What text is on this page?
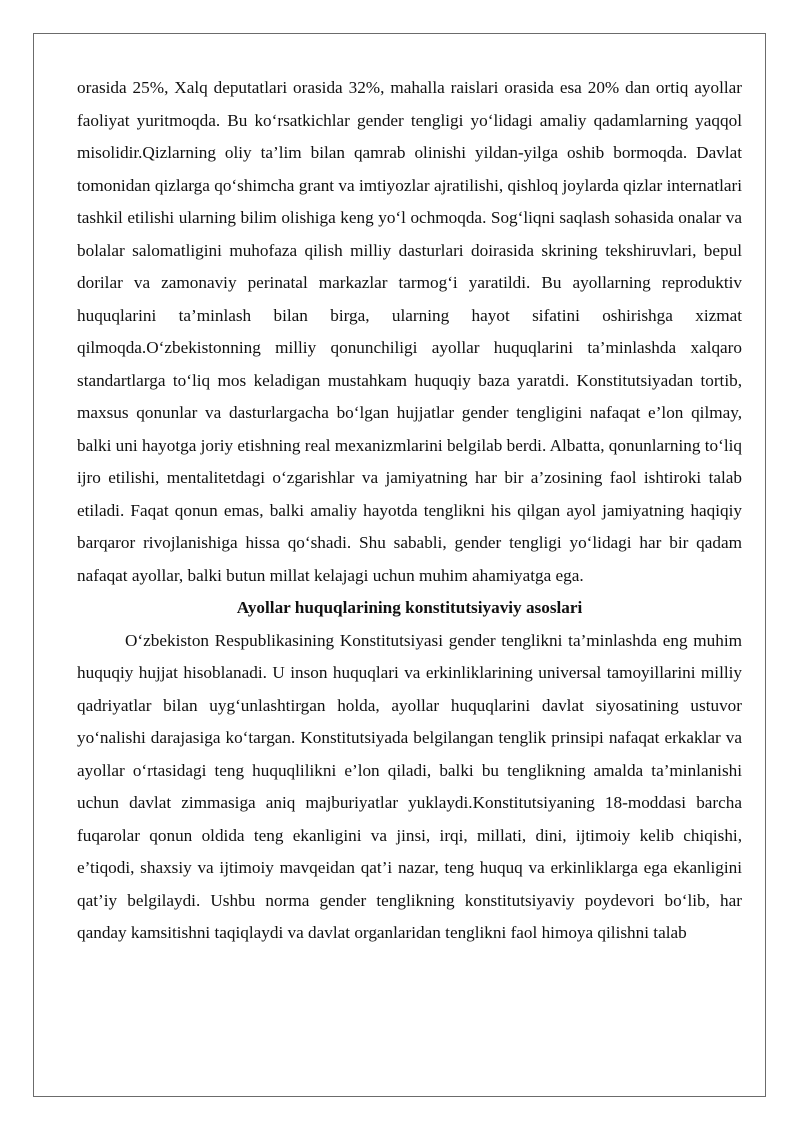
orasida 25%, Xalq deputatlari orasida 32%, mahalla raislari orasida esa 20% dan ortiq ayollar faoliyat yuritmoqda. Bu ko‘rsatkichlar gender tengligi yo‘lidagi amaliy qadamlarning yaqqol misolidir.Qizlarning oliy ta’lim bilan qamrab olinishi yildan-yilga oshib bormoqda. Davlat tomonidan qizlarga qo‘shimcha grant va imtiyozlar ajratilishi, qishloq joylarda qizlar internatlari tashkil etilishi ularning bilim olishiga keng yo‘l ochmoqda. Sog‘liqni saqlash sohasida onalar va bolalar salomatligini muhofaza qilish milliy dasturlari doirasida skrining tekshiruvlari, bepul dorilar va zamonaviy perinatal markazlar tarmog‘i yaratildi. Bu ayollarning reproduktiv huquqlarini ta’minlash bilan birga, ularning hayot sifatini oshirishga xizmat qilmoqda.O‘zbekistonning milliy qonunchiligi ayollar huquqlarini ta’minlashda xalqaro standartlarga to‘liq mos keladigan mustahkam huquqiy baza yaratdi. Konstitutsiyadan tortib, maxsus qonunlar va dasturlargacha bo‘lgan hujjatlar gender tengligini nafaqat e’lon qilmay, balki uni hayotga joriy etishning real mexanizmlarini belgilab berdi. Albatta, qonunlarning to‘liq ijro etilishi, mentalitetdagi o‘zgarishlar va jamiyatning har bir a’zosining faol ishtiroki talab etiladi. Faqat qonun emas, balki amaliy hayotda tenglikni his qilgan ayol jamiyatning haqiqiy barqaror rivojlanishiga hissa qo‘shadi. Shu sababli, gender tengligi yo‘lidagi har bir qadam nafaqat ayollar, balki butun millat kelajagi uchun muhim ahamiyatga ega.

Ayollar huquqlarining konstitutsiyaviy asoslari

O‘zbekiston Respublikasining Konstitutsiyasi gender tenglikni ta’minlashda eng muhim huquqiy hujjat hisoblanadi. U inson huquqlari va erkinliklarining universal tamoyillarini milliy qadriyatlar bilan uyg‘unlashtirgan holda, ayollar huquqlarini davlat siyosatining ustuvor yo‘nalishi darajasiga ko‘targan. Konstitutsiyada belgilangan tenglik prinsipi nafaqat erkaklar va ayollar o‘rtasidagi teng huquqlilikni e’lon qiladi, balki bu tenglikning amalda ta’minlanishi uchun davlat zimmasiga aniq majburiyatlar yuklaydi.Konstitutsiyaning 18-moddasi barcha fuqarolar qonun oldida teng ekanligini va jinsi, irqi, millati, dini, ijtimoiy kelib chiqishi, e’tiqodi, shaxsiy va ijtimoiy mavqeidan qat’i nazar, teng huquq va erkinliklarga ega ekanligini qat’iy belgilaydi. Ushbu norma gender tenglikning konstitutsiyaviy poydevori bo‘lib, har qanday kamsitishni taqiqlaydi va davlat organlaridan tenglikni faol himoya qilishni talab
